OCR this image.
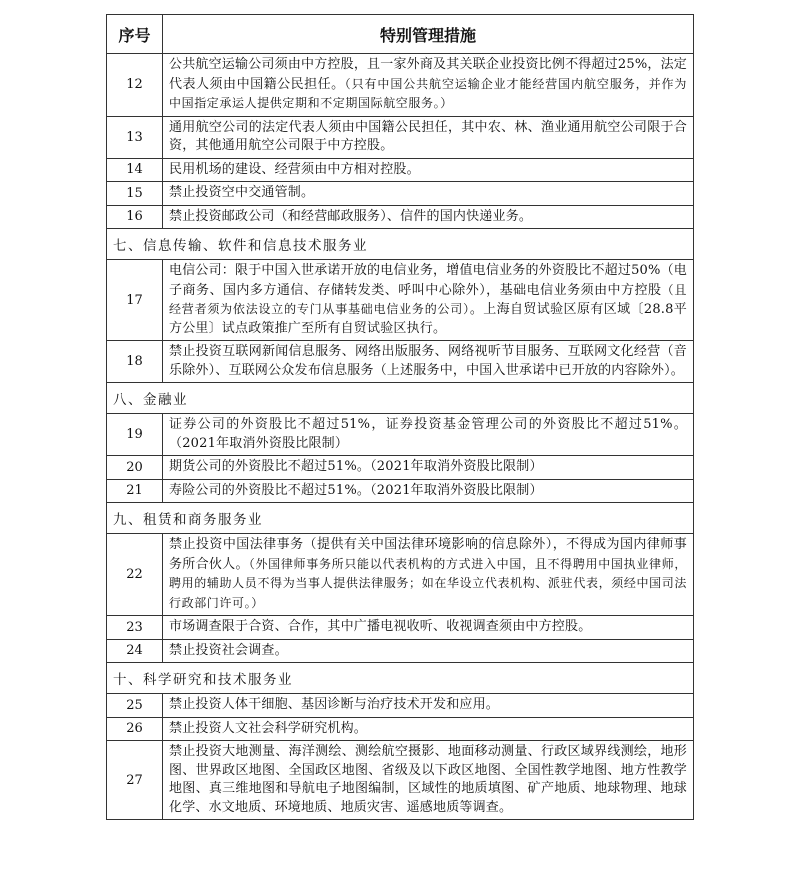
序号	特别管理措施
12	公共航空运输公司须由中方控股，且一家外商及其关联企业投资比例不得超过25%，法定代表人须由中国籍公民担任。（只有中国公共航空运输企业才能经营国内航空服务，并作为中国指定承运人提供定期和不定期国际航空服务。）
13	通用航空公司的法定代表人须由中国籍公民担任，其中农、林、渔业通用航空公司限于合资，其他通用航空公司限于中方控股。
14	民用机场的建设、经营须由中方相对控股。
15	禁止投资空中交通管制。
16	禁止投资邮政公司（和经营邮政服务）、信件的国内快递业务。
七、信息传输、软件和信息技术服务业	
17	电信公司：限于中国入世承诺开放的电信业务，增值电信业务的外资股比不超过50%（电子商务、国内多方通信、存储转发类、呼叫中心除外），基础电信业务须由中方控股（且经营者须为依法设立的专门从事基础电信业务的公司）。上海自贸试验区原有区域〔28.8平方公里〕试点政策推广至所有自贸试验区执行。
18	禁止投资互联网新闻信息服务、网络出版服务、网络视听节目服务、互联网文化经营（音乐除外）、互联网公众发布信息服务（上述服务中，中国入世承诺中已开放的内容除外）。
八、金融业	
19	证券公司的外资股比不超过51%，证券投资基金管理公司的外资股比不超过51%。（2021年取消外资股比限制）
20	期货公司的外资股比不超过51%。（2021年取消外资股比限制）
21	寿险公司的外资股比不超过51%。（2021年取消外资股比限制）
九、租赁和商务服务业	
22	禁止投资中国法律事务（提供有关中国法律环境影响的信息除外），不得成为国内律师事务所合伙人。（外国律师事务所只能以代表机构的方式进入中国，且不得聘用中国执业律师，聘用的辅助人员不得为当事人提供法律服务；如在华设立代表机构、派驻代表，须经中国司法行政部门许可。）
23	市场调查限于合资、合作，其中广播电视收听、收视调查须由中方控股。
24	禁止投资社会调查。
十、科学研究和技术服务业	
25	禁止投资人体干细胞、基因诊断与治疗技术开发和应用。
26	禁止投资人文社会科学研究机构。
27	禁止投资大地测量、海洋测绘、测绘航空摄影、地面移动测量、行政区域界线测绘，地形图、世界政区地图、全国政区地图、省级及以下政区地图、全国性教学地图、地方性教学地图、真三维地图和导航电子地图编制，区域性的地质填图、矿产地质、地球物理、地球化学、水文地质、环境地质、地质灾害、遥感地质等调查。
